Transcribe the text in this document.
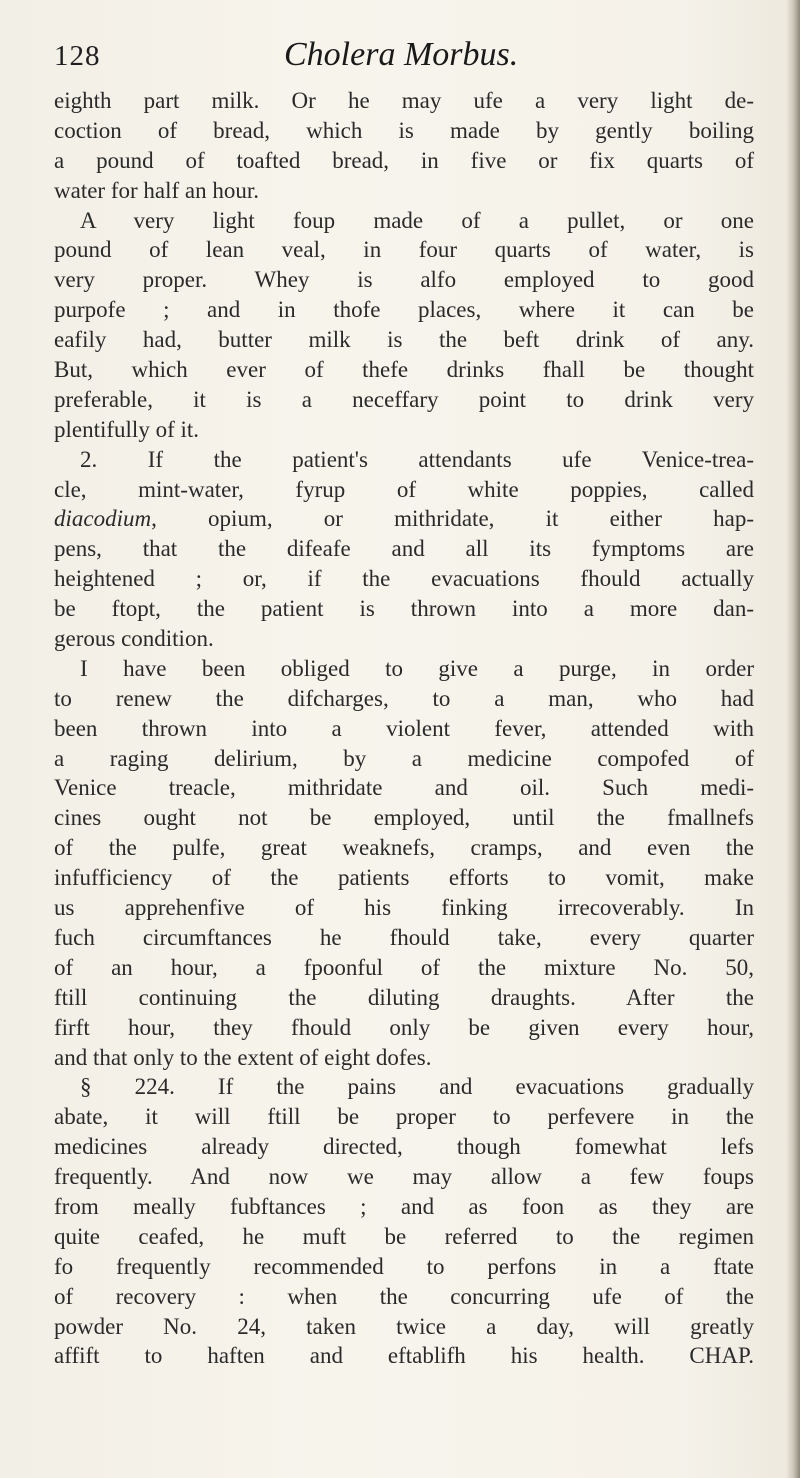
128	Cholera Morbus.
eighth part milk. Or he may ufe a very light de-
coction of bread, which is made by gently boiling
a pound of toafted bread, in five or fix quarts of
water for half an hour.
A very light foup made of a pullet, or one
pound of lean veal, in four quarts of water, is
very proper. Whey is alfo employed to good
purpofe ; and in thofe places, where it can be
eafily had, butter milk is the beft drink of any.
But, which ever of thefe drinks fhall be thought
preferable, it is a neceffary point to drink very
plentifully of it.
2. If the patient's attendants ufe Venice-trea-
cle, mint-water, fyrup of white poppies, called
diacodium, opium, or mithridate, it either hap-
pens, that the difeafe and all its fymptoms are
heightened ; or, if the evacuations fhould actually
be ftopt, the patient is thrown into a more dan-
gerous condition.
I have been obliged to give a purge, in order
to renew the difcharges, to a man, who had
been thrown into a violent fever, attended with
a raging delirium, by a medicine compofed of
Venice treacle, mithridate and oil. Such medi-
cines ought not be employed, until the fmallnefs
of the pulfe, great weaknefs, cramps, and even the
infufficiency of the patients efforts to vomit, make
us apprehenfive of his finking irrecoverably. In
fuch circumftances he fhould take, every quarter
of an hour, a fpoonful of the mixture No. 50,
ftill continuing the diluting draughts. After the
firft hour, they fhould only be given every hour,
and that only to the extent of eight dofes.
§ 224. If the pains and evacuations gradually
abate, it will ftill be proper to perfevere in the
medicines already directed, though fomewhat lefs
frequently. And now we may allow a few foups
from meally fubftances ; and as foon as they are
quite ceafed, he muft be referred to the regimen
fo frequently recommended to perfons in a ftate
of recovery : when the concurring ufe of the
powder No. 24, taken twice a day, will greatly
affift to haften and eftablifh his health. CHAP.
